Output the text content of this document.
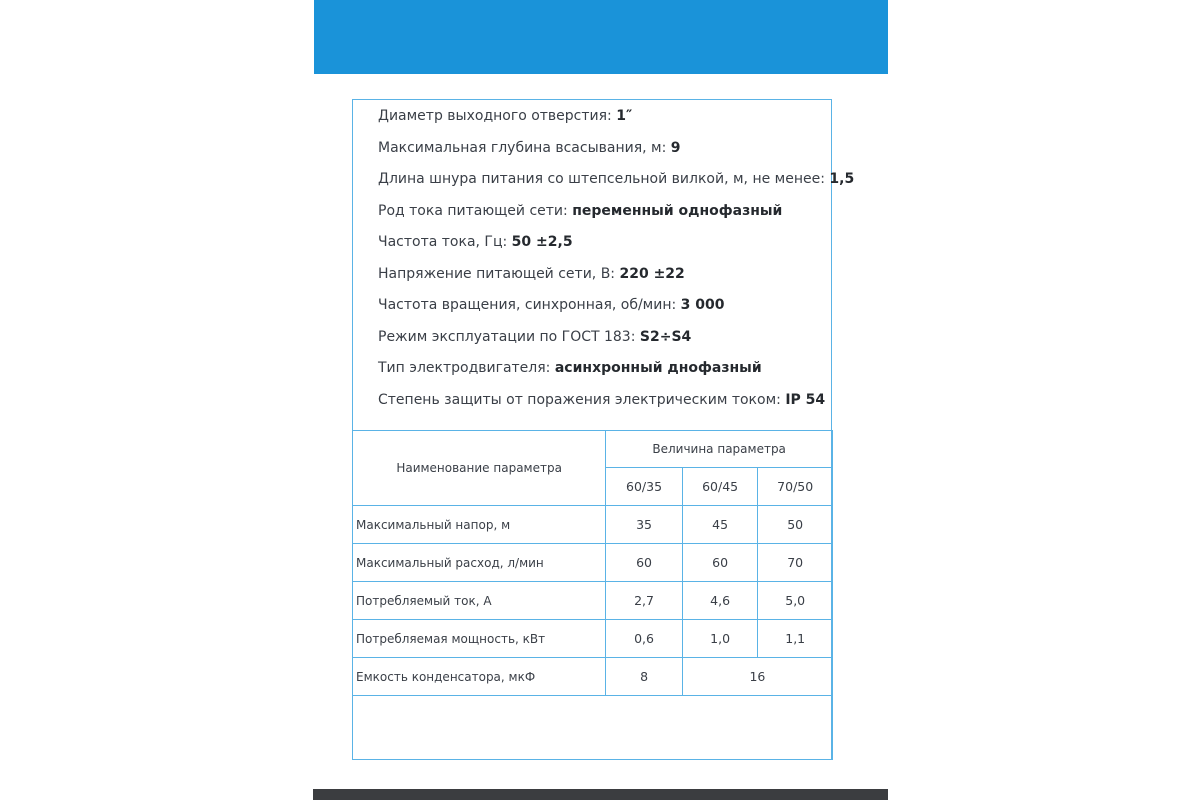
Диаметр выходного отверстия: 1″
Максимальная глубина всасывания, м: 9
Длина шнура питания со штепсельной вилкой, м, не менее: 1,5
Род тока питающей сети: переменный однофазный
Частота тока, Гц: 50 ±2,5
Напряжение питающей сети, В: 220 ±22
Частота вращения, синхронная, об/мин: 3 000
Режим эксплуатации по ГОСТ 183: S2÷S4
Тип электродвигателя: асинхронный днофазный
Степень защиты от поражения электрическим током: IP 54
Наименование параметра	Величина параметра		
	60/35	60/45	70/50
Максимальный напор, м	35	45	50
Максимальный расход, л/мин	60	60	70
Потребляемый ток, А	2,7	4,6	5,0
Потребляемая мощность, кВт	0,6	1,0	1,1
Емкость конденсатора, мкФ	8	16	
